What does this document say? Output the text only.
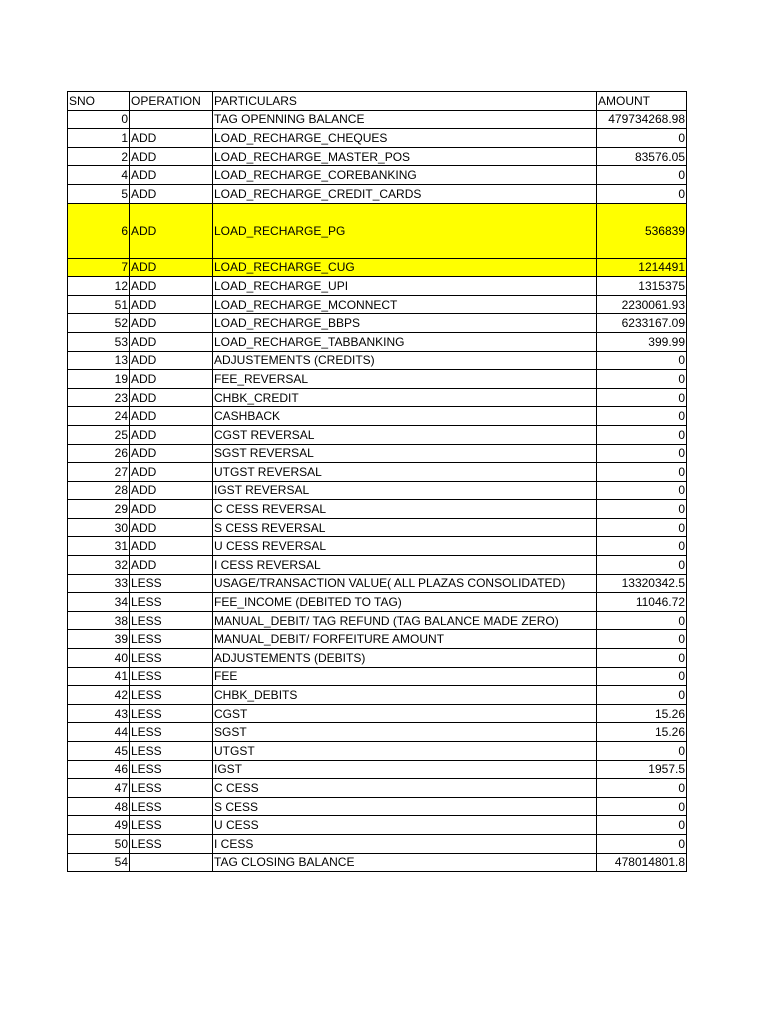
SNO	OPERATION	PARTICULARS	AMOUNT
0		TAG OPENNING BALANCE	479734268.98
1	ADD	LOAD_RECHARGE_CHEQUES	0
2	ADD	LOAD_RECHARGE_MASTER_POS	83576.05
4	ADD	LOAD_RECHARGE_COREBANKING	0
5	ADD	LOAD_RECHARGE_CREDIT_CARDS	0
6	ADD	LOAD_RECHARGE_PG	536839
7	ADD	LOAD_RECHARGE_CUG	1214491
12	ADD	LOAD_RECHARGE_UPI	1315375
51	ADD	LOAD_RECHARGE_MCONNECT	2230061.93
52	ADD	LOAD_RECHARGE_BBPS	6233167.09
53	ADD	LOAD_RECHARGE_TABBANKING	399.99
13	ADD	ADJUSTEMENTS (CREDITS)	0
19	ADD	FEE_REVERSAL	0
23	ADD	CHBK_CREDIT	0
24	ADD	CASHBACK	0
25	ADD	CGST REVERSAL	0
26	ADD	SGST REVERSAL	0
27	ADD	UTGST REVERSAL	0
28	ADD	IGST REVERSAL	0
29	ADD	C CESS REVERSAL	0
30	ADD	S CESS REVERSAL	0
31	ADD	U CESS REVERSAL	0
32	ADD	I CESS REVERSAL	0
33	LESS	USAGE/TRANSACTION VALUE( ALL PLAZAS CONSOLIDATED)	13320342.5
34	LESS	FEE_INCOME (DEBITED TO TAG)	11046.72
38	LESS	MANUAL_DEBIT/ TAG REFUND (TAG BALANCE MADE ZERO)	0
39	LESS	MANUAL_DEBIT/ FORFEITURE AMOUNT	0
40	LESS	ADJUSTEMENTS (DEBITS)	0
41	LESS	FEE	0
42	LESS	CHBK_DEBITS	0
43	LESS	CGST	15.26
44	LESS	SGST	15.26
45	LESS	UTGST	0
46	LESS	IGST	1957.5
47	LESS	C CESS	0
48	LESS	S CESS	0
49	LESS	U CESS	0
50	LESS	I CESS	0
54		TAG CLOSING BALANCE	478014801.8
